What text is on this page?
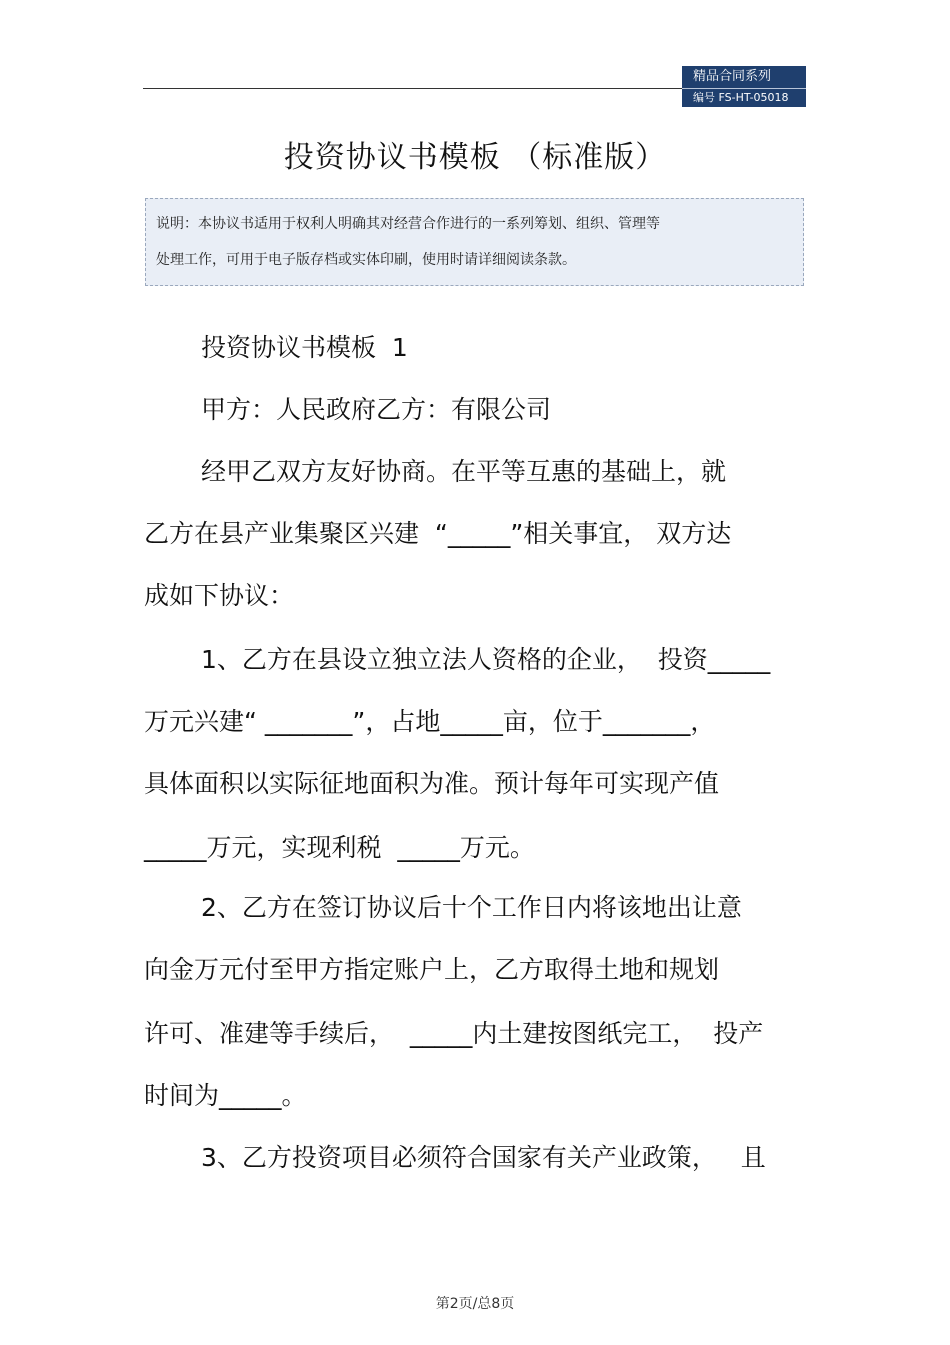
精品合同系列
编号 FS-HT-05018
投资协议书模板 （标准版）
说明：本协议书适用于权利人明确其对经营合作进行的一系列筹划、组织、管理等
处理工作，可用于电子版存档或实体印刷，使用时请详细阅读条款。
投资协议书模板  1
甲方：人民政府乙方：有限公司
经甲乙双方友好协商。在平等互惠的基础上，就
乙方在县产业集聚区兴建  “_____”相关事宜， 双方达
成如下协议：
1、乙方在县设立独立法人资格的企业，  投资_____
万元兴建“ _______”，占地_____亩，位于_______，
具体面积以实际征地面积为准。预计每年可实现产值
_____万元，实现利税  _____万元。
2、乙方在签订协议后十个工作日内将该地出让意
向金万元付至甲方指定账户上，乙方取得土地和规划
许可、准建等手续后，  _____内土建按图纸完工，  投产
时间为_____。
3、乙方投资项目必须符合国家有关产业政策，   且
第2页/总8页
